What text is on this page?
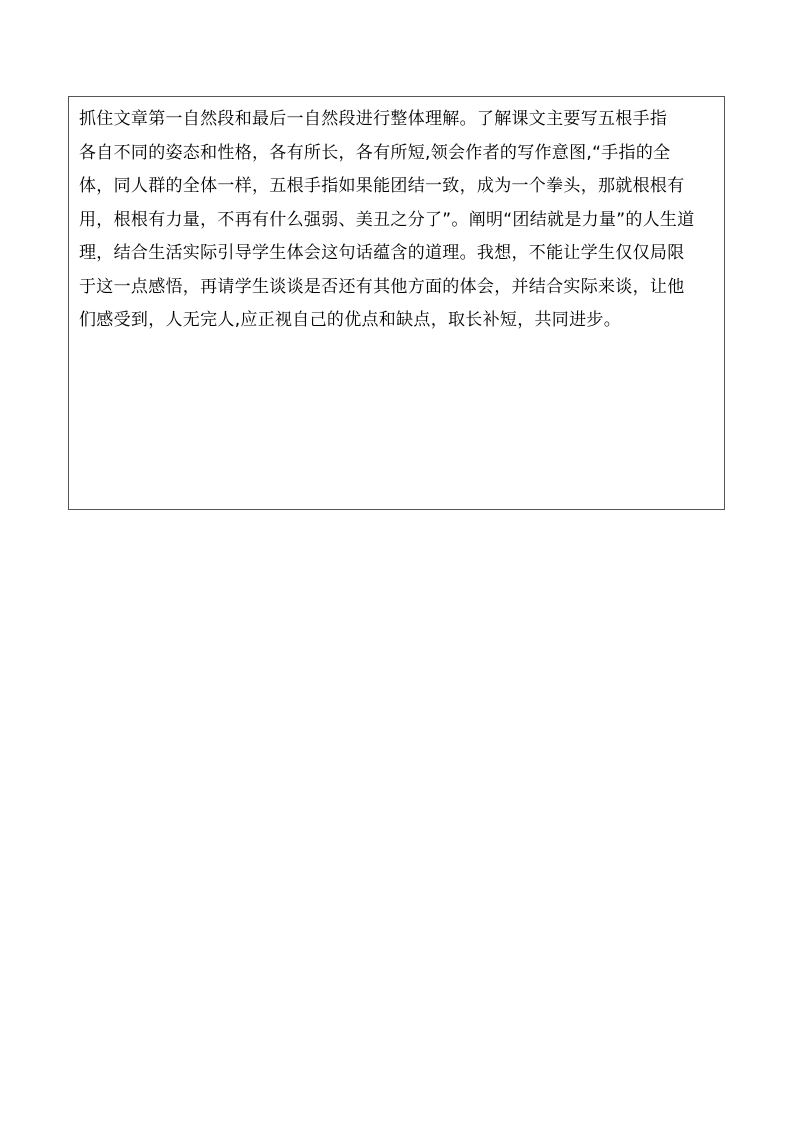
抓住文章第一自然段和最后一自然段进行整体理解。了解课文主要写五根手指
各自不同的姿态和性格，各有所长，各有所短,领会作者的写作意图,“手指的全
体，同人群的全体一样，五根手指如果能团结一致，成为一个拳头，那就根根有
用，根根有力量，不再有什么强弱、美丑之分了”。阐明“团结就是力量”的人生道
理，结合生活实际引导学生体会这句话蕴含的道理。我想，不能让学生仅仅局限
于这一点感悟，再请学生谈谈是否还有其他方面的体会，并结合实际来谈，让他
们感受到，人无完人,应正视自己的优点和缺点，取长补短，共同进步。
